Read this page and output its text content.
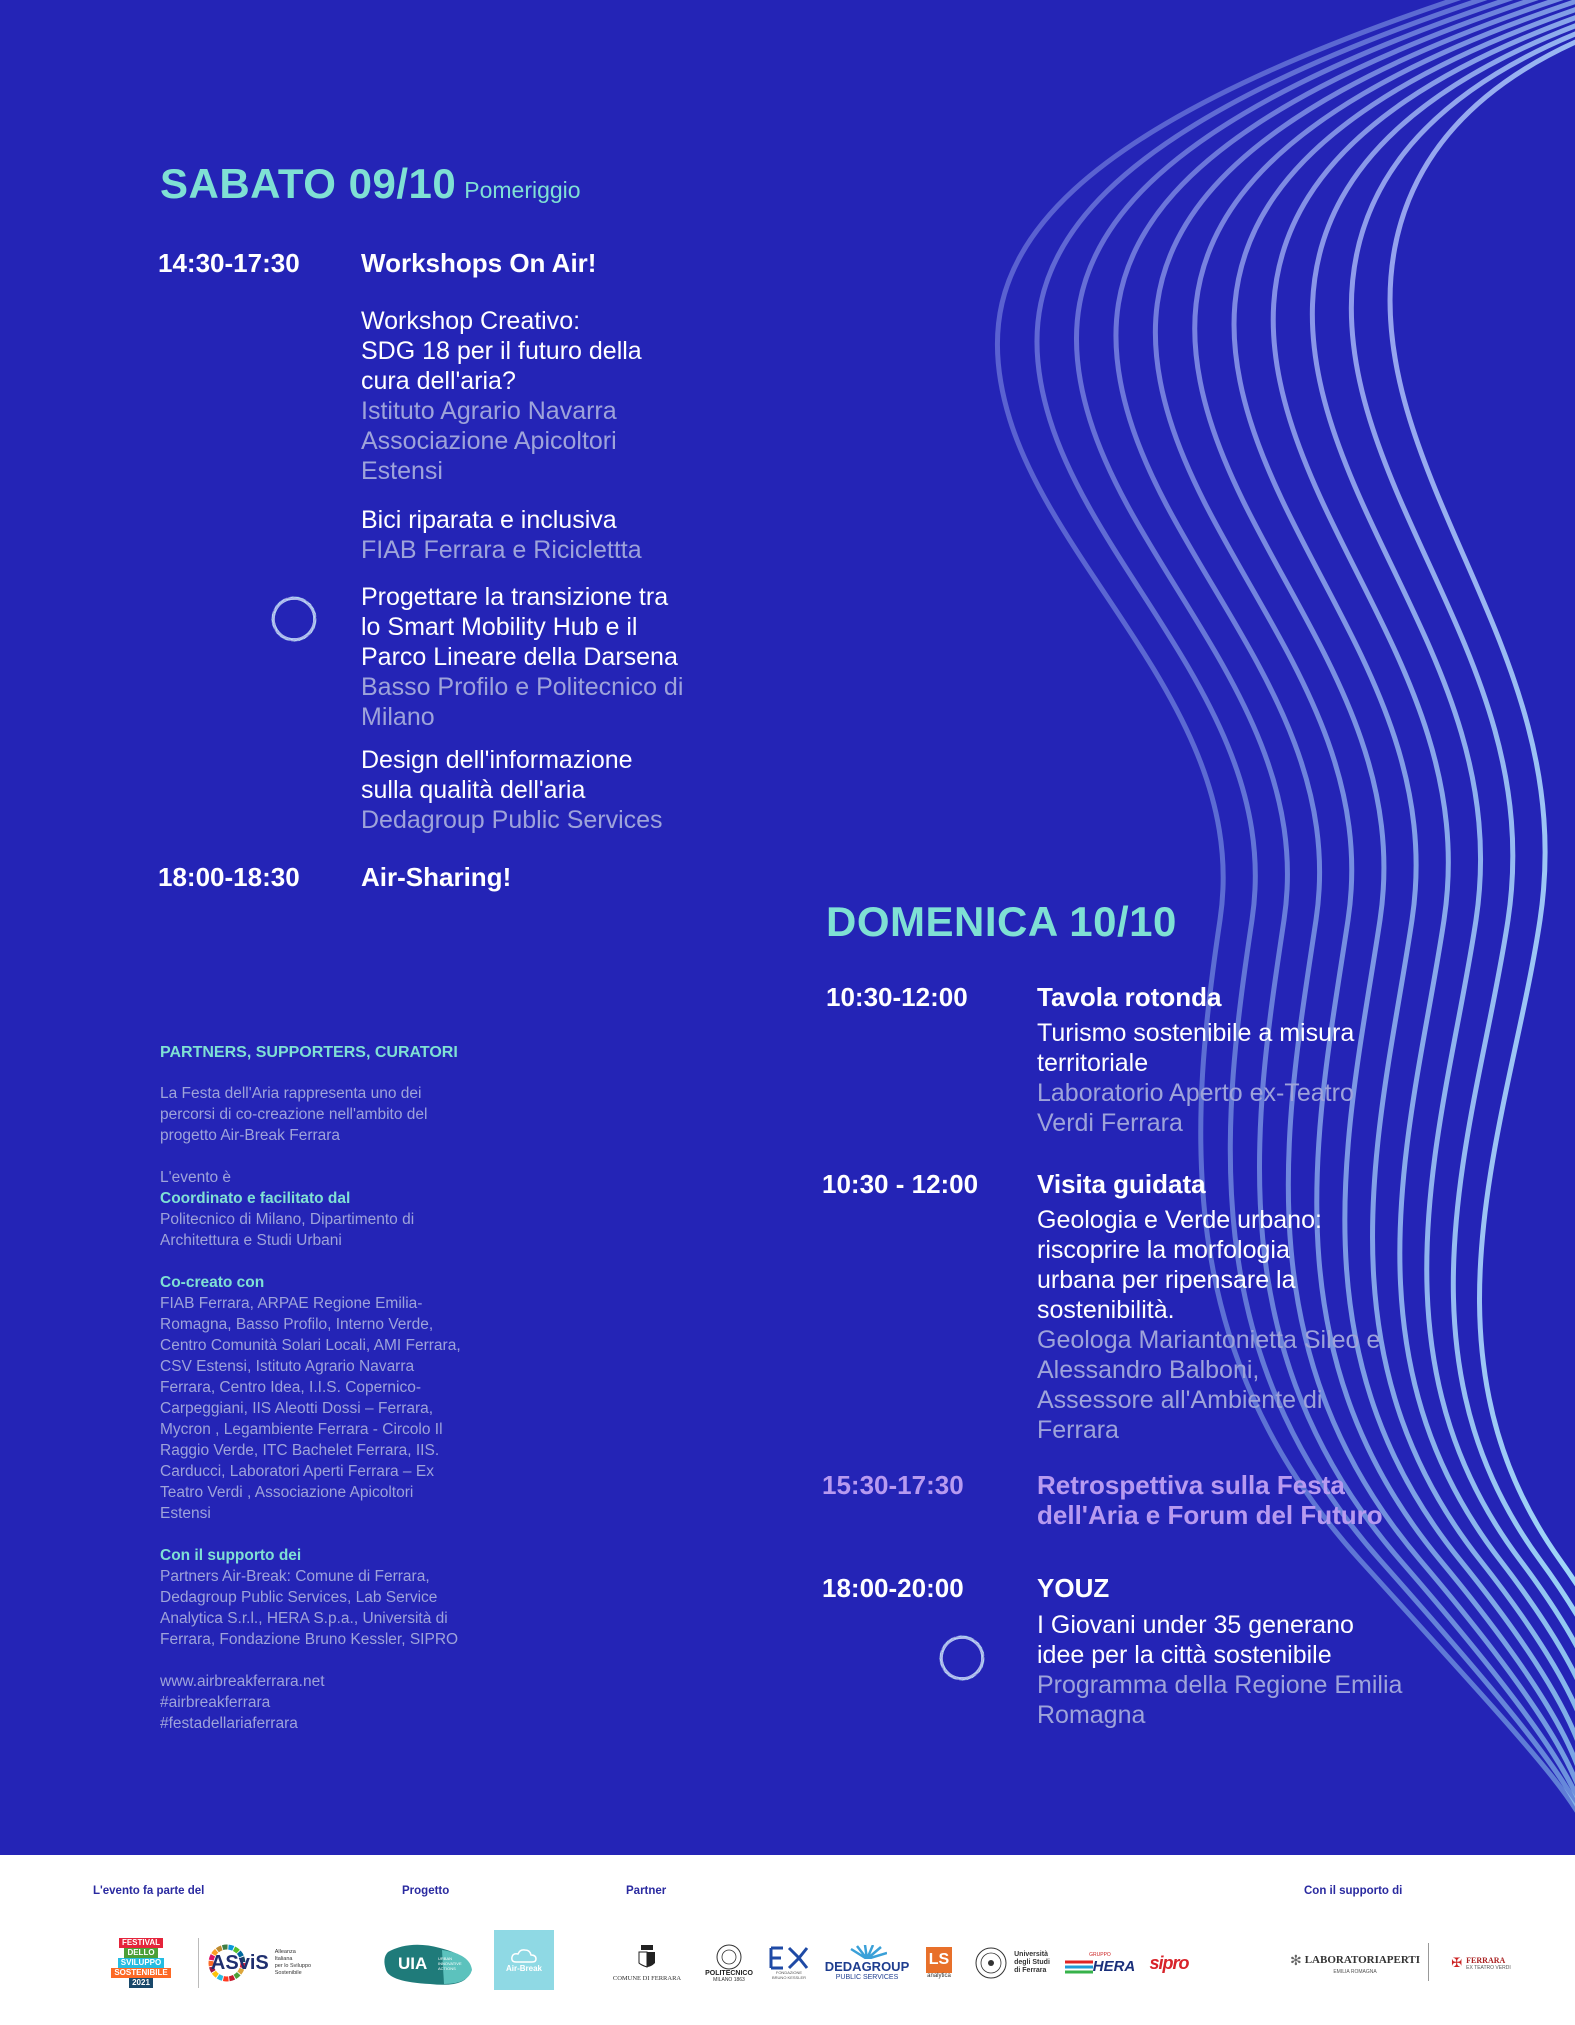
SABATO 09/10 Pomeriggio
14:30-17:30 Workshops On Air!
Workshop Creativo:
SDG 18 per il futuro della
cura dell'aria?
Istituto Agrario Navarra
Associazione Apicoltori
Estensi
Bici riparata e inclusiva
FIAB Ferrara e Riciclettta
Progettare la transizione tra
lo Smart Mobility Hub e il
Parco Lineare della Darsena
Basso Profilo e Politecnico di
Milano
Design dell'informazione
sulla qualità dell'aria
Dedagroup Public Services
18:00-18:30 Air-Sharing!
DOMENICA 10/10
10:30-12:00	Tavola rotonda
Turismo sostenibile a misura
territoriale
Laboratorio Aperto ex-Teatro
Verdi Ferrara
10:30 - 12:00 Visita guidata
Geologia e Verde urbano:
riscoprire la morfologia
urbana per ripensare la
sostenibilità.
Geologa Mariantonietta Sileo e
Alessandro Balboni,
Assessore all'Ambiente di
Ferrara
15:30-17:30	Retrospettiva sulla Festa
dell'Aria e Forum del Futuro
18:00-20:00	YOUZ
I Giovani under 35 generano
idee per la città sostenibile
Programma della Regione Emilia
Romagna
PARTNERS, SUPPORTERS, CURATORI
La Festa dell'Aria rappresenta uno dei
percorsi di co-creazione nell'ambito del
progetto Air-Break Ferrara
L'evento è
Coordinato e facilitato dal
Politecnico di Milano, Dipartimento di
Architettura e Studi Urbani
Co-creato con
FIAB Ferrara, ARPAE Regione Emilia-
Romagna, Basso Profilo, Interno Verde,
Centro Comunità Solari Locali, AMI Ferrara,
CSV Estensi, Istituto Agrario Navarra
Ferrara, Centro Idea, I.I.S. Copernico-
Carpeggiani, IIS Aleotti Dossi – Ferrara,
Mycron , Legambiente Ferrara - Circolo Il
Raggio Verde, ITC Bachelet Ferrara, IIS.
Carducci, Laboratori Aperti Ferrara – Ex
Teatro Verdi , Associazione Apicoltori
Estensi
Con il supporto dei
Partners Air-Break: Comune di Ferrara,
Dedagroup Public Services, Lab Service
Analytica S.r.l., HERA S.p.a., Università di
Ferrara, Fondazione Bruno Kessler, SIPRO
www.airbreakferrara.net
#airbreakferrara
#festadellariaferrara
L'evento fa parte del	Progetto	Partner	Con il supporto di
FESTIVAL
DELLO
SVILUPPO
SOSTENIBILE
2021
ASviS Alleanza Italiana
per lo Sviluppo
Sostenibile	UIA	URBAN
INNOVATIVE
ACTIONS	Air-Break
COMUNE DI FERRARA
POLITECNICO
MILANO 1863
FONDAZIONE
BRUNO KESSLER
DEDAGROUP
PUBLIC SERVICES
LS
analytica
Università
degli Studi
di Ferrara
GRUPPO
HERA sipro	✻ LABORATORIAPERTI
EMILIA ROMAGNA
✠ FERRARA
EX TEATRO VERDI
